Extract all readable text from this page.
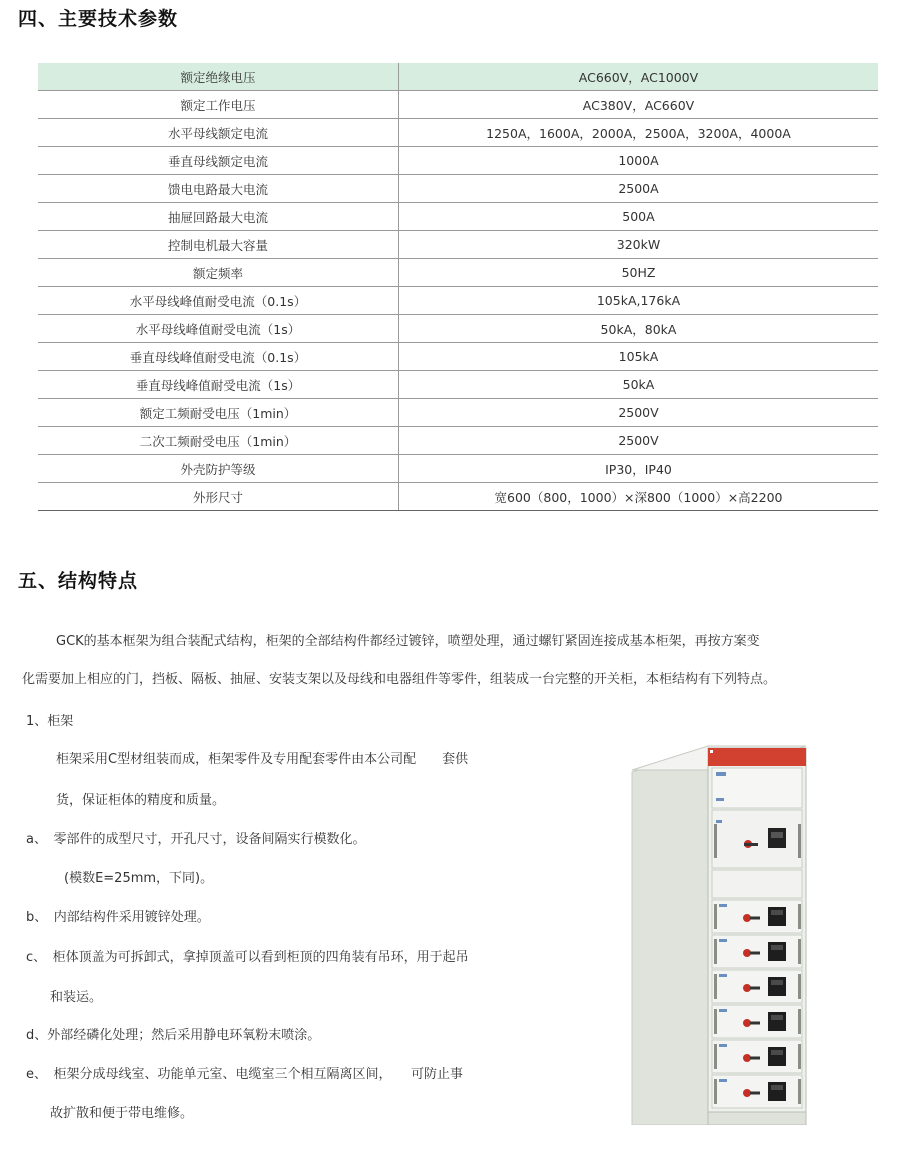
四、主要技术参数
额定绝缘电压	AC660V，AC1000V
额定工作电压	AC380V，AC660V
水平母线额定电流	1250A，1600A，2000A，2500A，3200A，4000A
垂直母线额定电流	1000A
馈电电路最大电流	2500A
抽屉回路最大电流	500A
控制电机最大容量	320kW
额定频率	50HZ
水平母线峰值耐受电流（0.1s）	105kA,176kA
水平母线峰值耐受电流（1s）	50kA，80kA
垂直母线峰值耐受电流（0.1s）	105kA
垂直母线峰值耐受电流（1s）	50kA
额定工频耐受电压（1min）	2500V
二次工频耐受电压（1min）	2500V
外壳防护等级	IP30，IP40
外形尺寸	宽600（800，1000）×深800（1000）×高2200
五、结构特点

GCK的基本框架为组合装配式结构，柜架的全部结构件都经过镀锌，喷塑处理，通过螺钉紧固连接成基本柜架，再按方案变

化需要加上相应的门，挡板、隔板、抽屉、安装支架以及母线和电器组件等零件，组装成一台完整的开关柜，本柜结构有下列特点。

1、柜架

柜架采用C型材组装而成，柜架零件及专用配套零件由本公司配　　套供

货，保证柜体的精度和质量。

a、　零部件的成型尺寸，开孔尺寸，设备间隔实行模数化。

(模数E=25mm，下同)。

b、　内部结构件采用镀锌处理。

c、　柜体顶盖为可拆卸式，拿掉顶盖可以看到柜顶的四角装有吊环，用于起吊

和装运。

d、外部经磷化处理；然后采用静电环氧粉末喷涂。

e、　柜架分成母线室、功能单元室、电缆室三个相互隔离区间，　　可防止事

故扩散和便于带电维修。
